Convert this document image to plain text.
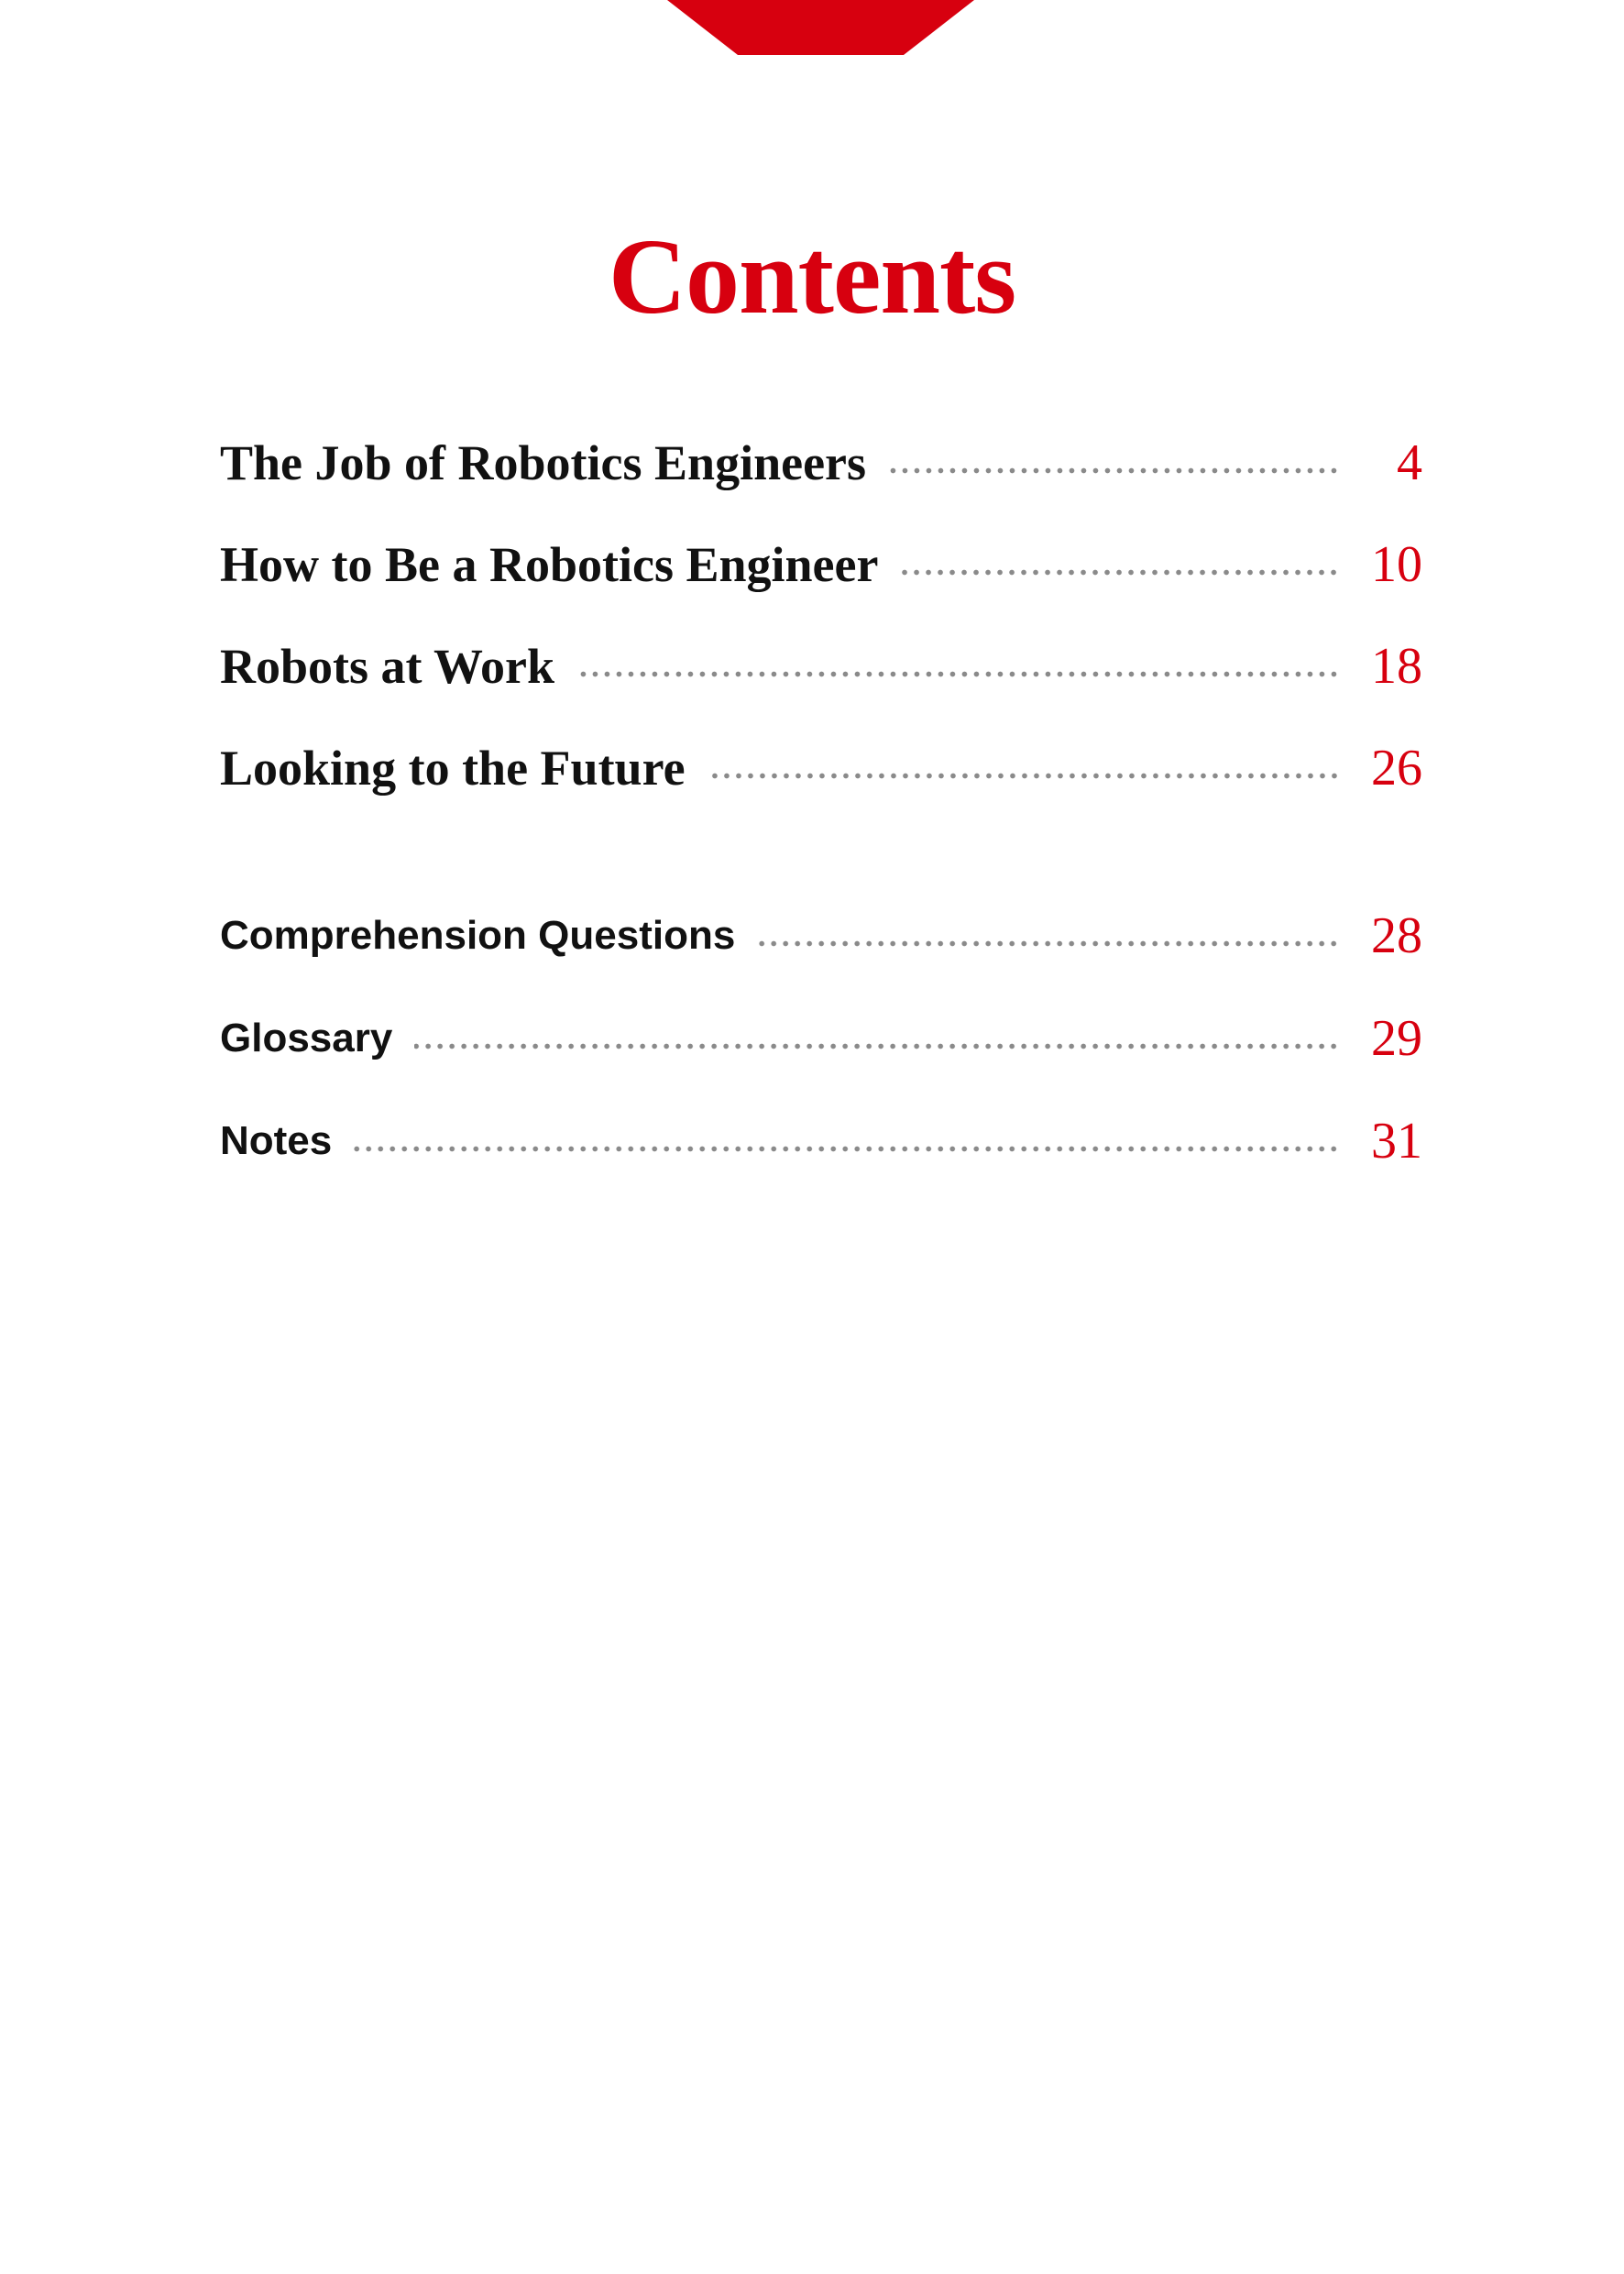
Contents
The Job of Robotics Engineers	4
How to Be a Robotics Engineer	10
Robots at Work	18
Looking to the Future	26
Comprehension Questions	28
Glossary	29
Notes	31
